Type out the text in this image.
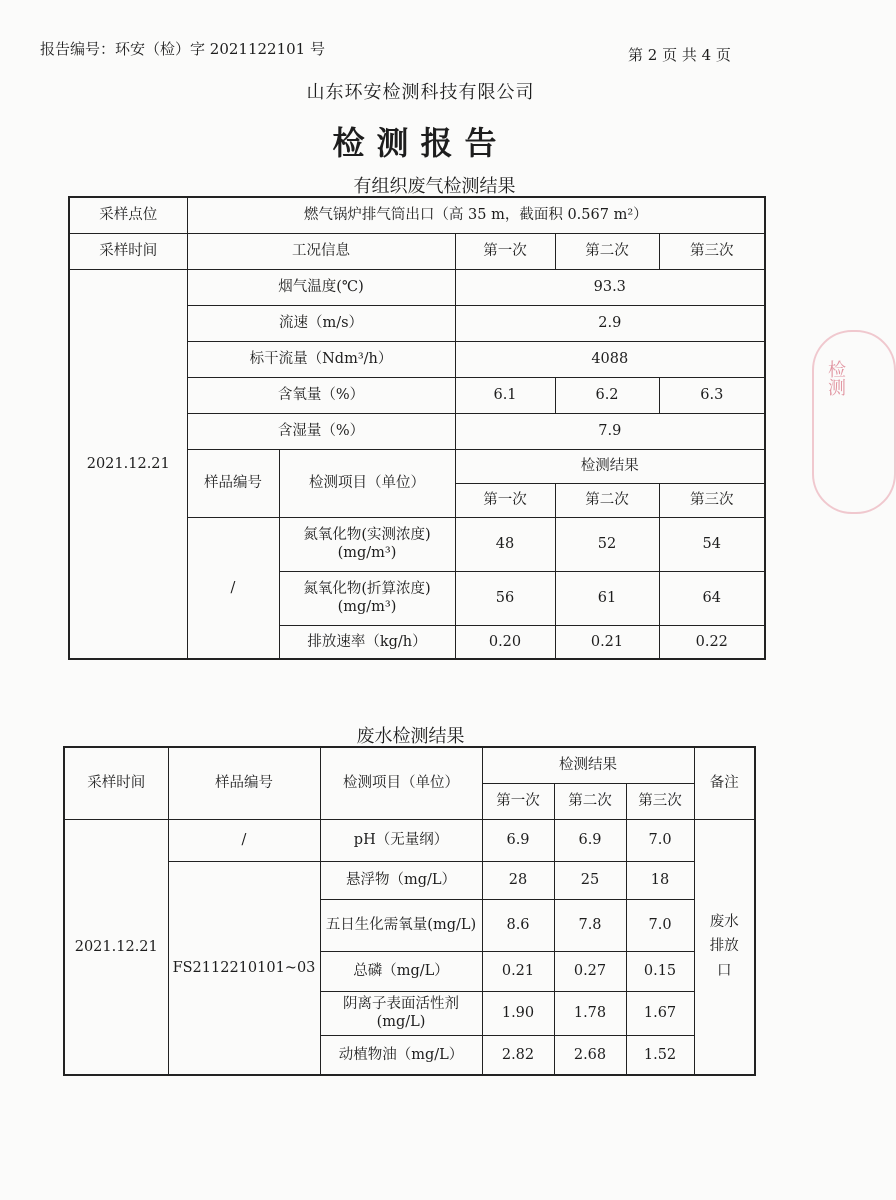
报告编号：环安（检）字 2021122101 号	第 2 页 共 4 页
山东环安检测科技有限公司
检测报告
检测
有组织废气检测结果
采样点位	燃气锅炉排气筒出口（高 35 m，截面积 0.567 m²）				
采样时间	工况信息		第一次	第二次	第三次
2021.12.21	烟气温度(℃)		93.3		
	流速（m/s）		2.9		
	标干流量（Ndm³/h）		4088		
	含氧量（%）		6.1	6.2	6.3
	含湿量（%）		7.9		
	样品编号	检测项目（单位）	检测结果		
			第一次	第二次	第三次
	/	氮氧化物(实测浓度)(mg/m³)	48	52	54
		氮氧化物(折算浓度)(mg/m³)	56	61	64
		排放速率（kg/h）	0.20	0.21	0.22
废水检测结果
采样时间	样品编号	检测项目（单位）	检测结果			备注
			第一次	第二次	第三次	
2021.12.21	/	pH（无量纲）	6.9	6.9	7.0	废水排放口

	FS2112210101~03	悬浮物（mg/L）	28	25	18	
		五日生化需氧量(mg/L)	8.6	7.8	7.0	
		总磷（mg/L）	0.21	0.27	0.15	
		阴离子表面活性剂(mg/L)	1.90	1.78	1.67	
		动植物油（mg/L）	2.82	2.68	1.52	
